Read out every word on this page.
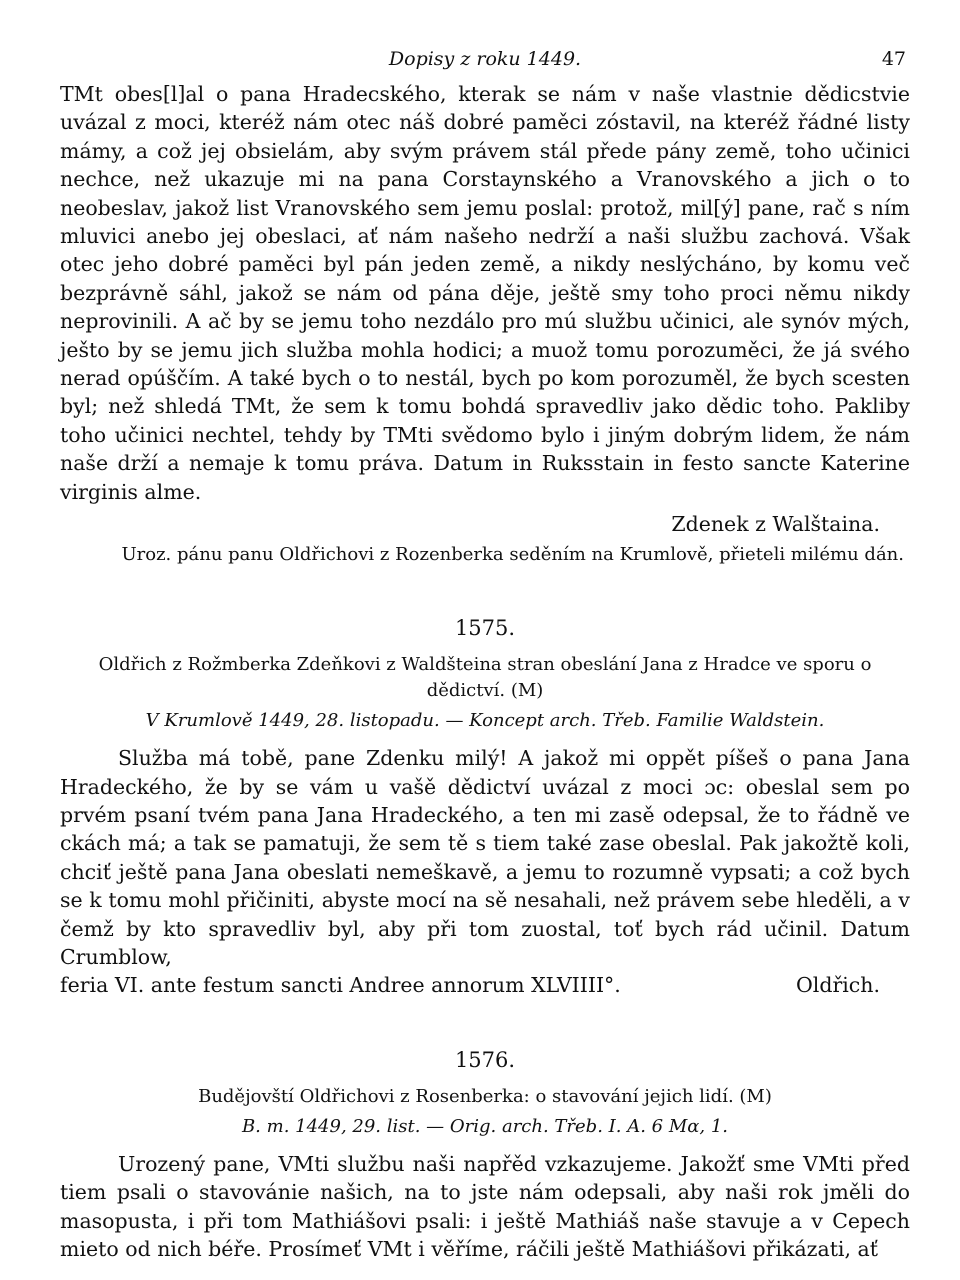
Dopisy z roku 1449.	47

TMt obes[l]al o pana Hradecského, kterak se nám v naše vlastnie dědicstvie uvázal z moci, kteréž nám otec náš dobré paměci zóstavil, na kteréž řádné listy mámy, a což jej obsielám, aby svým právem stál přede pány země, toho učinici nechce, než ukazuje mi na pana Corstaynského a Vranovského a jich o to neobeslav, jakož list Vranovského sem jemu poslal: protož, mil[ý] pane, rač s ním mluvici anebo jej obeslaci, ať nám našeho nedrží a naši službu zachová. Však otec jeho dobré paměci byl pán jeden země, a nikdy neslýcháno, by komu več bezprávně sáhl, jakož se nám od pána děje, ještě smy toho proci němu nikdy neprovinili. A ač by se jemu toho nezdálo pro mú službu učinici, ale synóv mých, ješto by se jemu jich služba mohla hodici; a muož tomu porozuměci, že já svého nerad opúščím. A také bych o to nestál, bych po kom porozuměl, že bych scesten byl; než shledá TMt, že sem k tomu bohdá spravedliv jako dědic toho. Pakliby toho učinici nechtel, tehdy by TMti svědomo bylo i jiným dobrým lidem, že nám naše drží a nemaje k tomu práva. Datum in Ruksstain in festo sancte Katerine virginis alme.

Zdenek z Walštaina.
Uroz. pánu panu Oldřichovi z Rozenberka seděním na Krumlově, přieteli milému dán.
1575.
Oldřich z Rožmberka Zdeňkovi z Waldšteina stran obeslání Jana z Hradce ve sporu o dědictví. (M)
V Krumlově 1449, 28. listopadu. — Koncept arch. Třeb. Familie Waldstein.

Služba má tobě, pane Zdenku milý! A jakož mi oppět píšeš o pana Jana Hradeckého, že by se vám u vašě dědictví uvázal z moci ɔc: obeslal sem po prvém psaní tvém pana Jana Hradeckého, a ten mi zasě odepsal, že to řádně ve ckách má; a tak se pamatuji, že sem tě s tiem také zase obeslal. Pak jakožtě koli, chciť ještě pana Jana obeslati nemeškavě, a jemu to rozumně vypsati; a což bych se k tomu mohl přičiniti, abyste mocí na sě nesahali, než právem sebe hleděli, a v čemž by kto spravedliv byl, aby při tom zuostal, toť bych rád učinil. Datum Crumblow,

feria VI. ante festum sancti Andree annorum XLVIIII°.	Oldřich.
1576.
Budějovští Oldřichovi z Rosenberka: o stavování jejich lidí. (M)
B. m. 1449, 29. list. — Orig. arch. Třeb. I. A. 6 Mα, 1.

Urozený pane, VMti službu naši napřěd vzkazujeme. Jakožť sme VMti před tiem psali o stavovánie našich, na to jste nám odepsali, aby naši rok jměli do masopusta, i při tom Mathiášovi psali: i ještě Mathiáš naše stavuje a v Cepech mieto od nich béře. Prosímeť VMt i věříme, ráčili ještě Mathiášovi přikázati, ať
